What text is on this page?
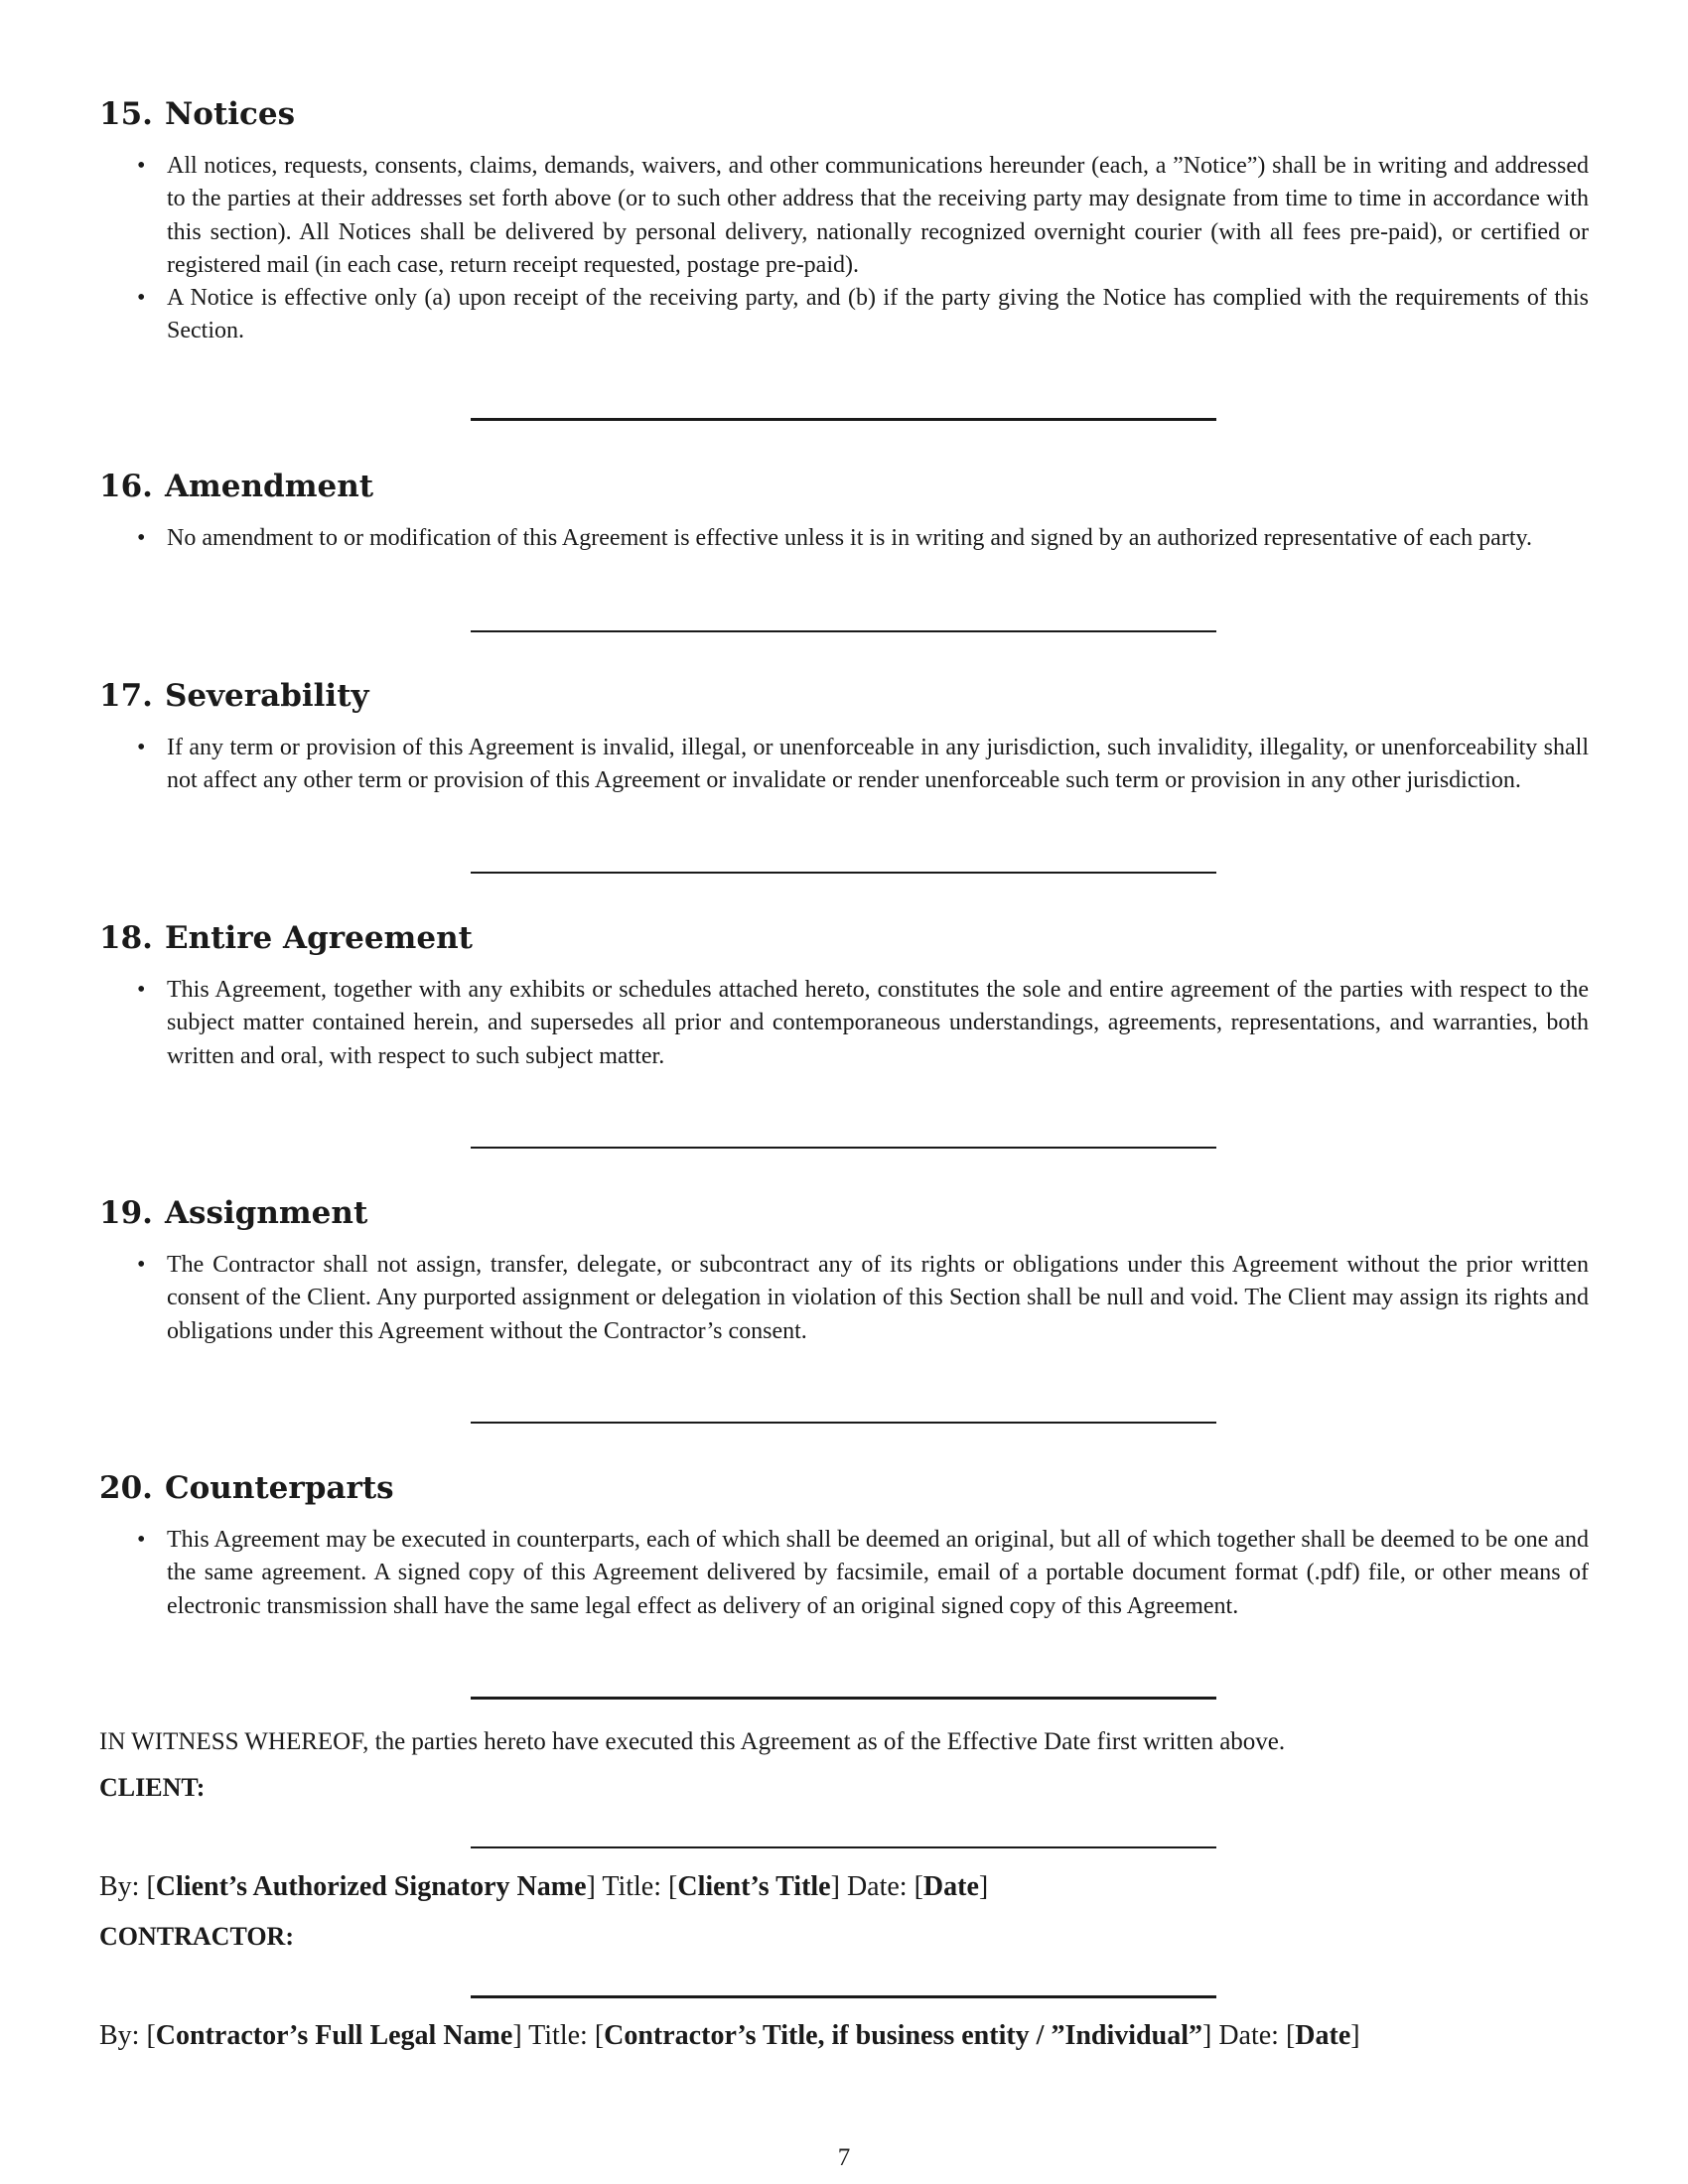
15. Notices
• All notices, requests, consents, claims, demands, waivers, and other communications hereunder (each, a ”Notice”) shall be in writing and addressed to the parties at their addresses set forth above (or to such other address that the receiving party may designate from time to time in accordance with this section). All Notices shall be delivered by personal delivery, nationally recognized overnight courier (with all fees pre-paid), or certified or registered mail (in each case, return receipt requested, postage pre-paid).
• A Notice is effective only (a) upon receipt of the receiving party, and (b) if the party giving the Notice has complied with the requirements of this Section.
16. Amendment
• No amendment to or modification of this Agreement is effective unless it is in writing and signed by an authorized representative of each party.
17. Severability
• If any term or provision of this Agreement is invalid, illegal, or unenforceable in any jurisdiction, such invalidity, illegality, or unenforceability shall not affect any other term or provision of this Agreement or invalidate or render unenforceable such term or provision in any other jurisdiction.
18. Entire Agreement
• This Agreement, together with any exhibits or schedules attached hereto, constitutes the sole and entire agreement of the parties with respect to the subject matter contained herein, and supersedes all prior and contemporaneous understandings, agreements, representations, and warranties, both written and oral, with respect to such subject matter.
19. Assignment
• The Contractor shall not assign, transfer, delegate, or subcontract any of its rights or obligations under this Agreement without the prior written consent of the Client. Any purported assignment or delegation in violation of this Section shall be null and void. The Client may assign its rights and obligations under this Agreement without the Contractor’s consent.
20. Counterparts
• This Agreement may be executed in counterparts, each of which shall be deemed an original, but all of which together shall be deemed to be one and the same agreement. A signed copy of this Agreement delivered by facsimile, email of a portable document format (.pdf) file, or other means of electronic transmission shall have the same legal effect as delivery of an original signed copy of this Agreement.

IN WITNESS WHEREOF, the parties hereto have executed this Agreement as of the Effective Date first written above.

CLIENT:

By: [Client’s Authorized Signatory Name] Title: [Client’s Title] Date: [Date]

CONTRACTOR:

By: [Contractor’s Full Legal Name] Title: [Contractor’s Title, if business entity / ”Individual”] Date: [Date]

7
